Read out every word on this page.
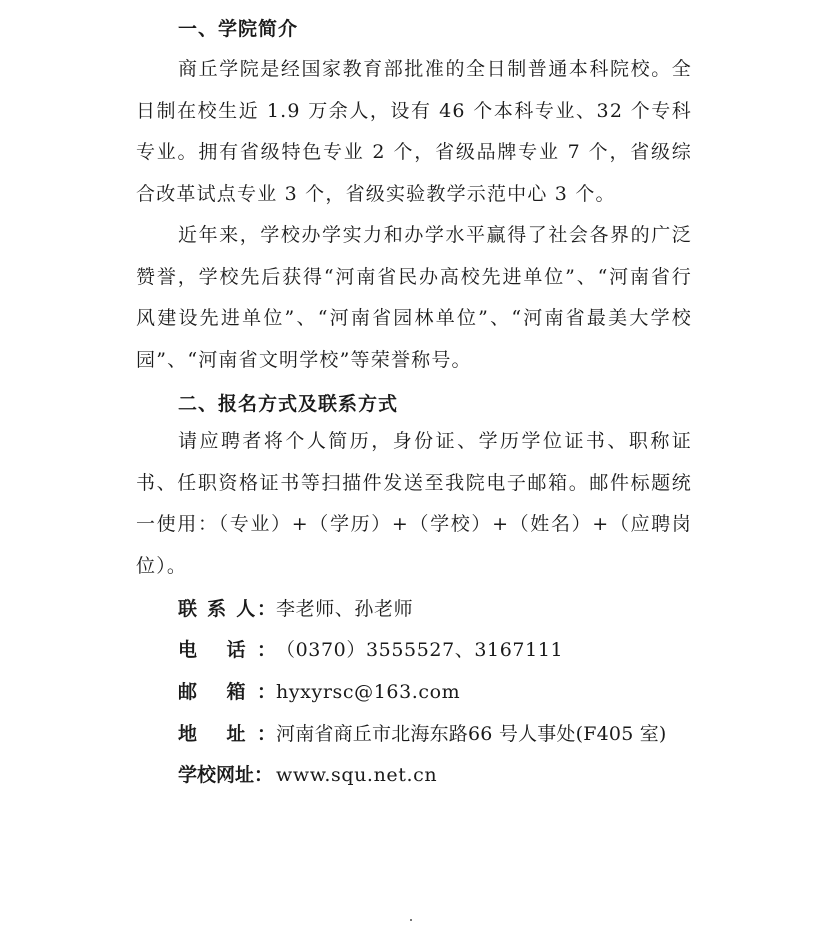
一、学院简介

商丘学院是经国家教育部批准的全日制普通本科院校。全日制在校生近 1.9 万余人，设有 46 个本科专业、32 个专科专业。拥有省级特色专业 2 个，省级品牌专业 7 个，省级综合改革试点专业 3 个，省级实验教学示范中心 3 个。

近年来，学校办学实力和办学水平赢得了社会各界的广泛赞誉，学校先后获得“河南省民办高校先进单位”、“河南省行风建设先进单位”、“河南省园林单位”、“河南省最美大学校园”、“河南省文明学校”等荣誉称号。

二、报名方式及联系方式

请应聘者将个人简历，身份证、学历学位证书、职称证书、任职资格证书等扫描件发送至我院电子邮箱。邮件标题统一使用：（专业）+（学历）+（学校）+（姓名）+（应聘岗位）。

联 系 人：李老师、孙老师
电 话：（0370）3555527、3167111
邮 箱：hyxyrsc@163.com
地 址：河南省商丘市北海东路66 号人事处(F405 室)
学校网址： www.squ.net.cn
